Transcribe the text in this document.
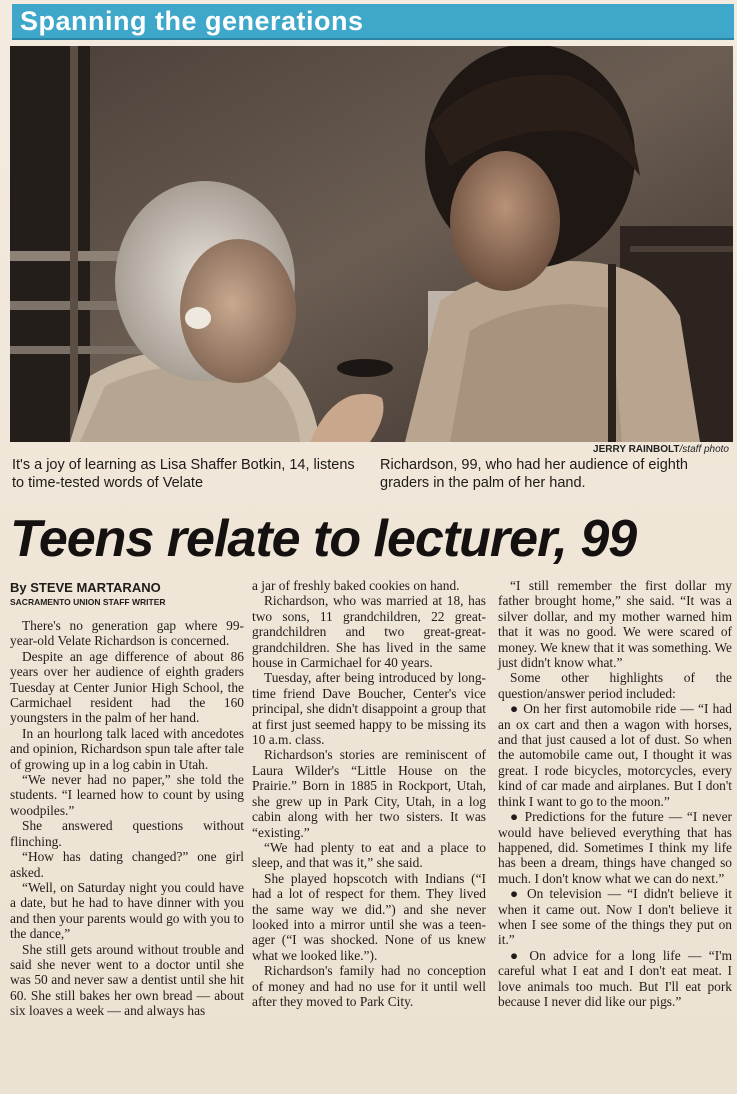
Spanning the generations
JERRY RAINBOLT/staff photo
It's a joy of learning as Lisa Shaffer Botkin, 14, listens to time-tested words of Velate
Richardson, 99, who had her audience of eighth graders in the palm of her hand.
Teens relate to lecturer, 99
By STEVE MARTARANO
SACRAMENTO UNION STAFF WRITER

There's no generation gap where 99-year-old Velate Richardson is concerned.

Despite an age difference of about 86 years over her audience of eighth graders Tuesday at Center Junior High School, the Carmichael resident had the 160 youngsters in the palm of her hand.

In an hourlong talk laced with ancedotes and opinion, Richardson spun tale after tale of growing up in a log cabin in Utah.

“We never had no paper,” she told the students. “I learned how to count by using woodpiles.”

She answered questions without flinching.

“How has dating changed?” one girl asked.

“Well, on Saturday night you could have a date, but he had to have dinner with you and then your parents would go with you to the dance,”

She still gets around without trouble and said she never went to a doctor until she was 50 and never saw a dentist until she hit 60. She still bakes her own bread — about six loaves a week — and always has

a jar of freshly baked cookies on hand.

Richardson, who was married at 18, has two sons, 11 grandchildren, 22 great-grandchildren and two great-great-grandchildren. She has lived in the same house in Carmichael for 40 years.

Tuesday, after being introduced by long-time friend Dave Boucher, Center's vice principal, she didn't disappoint a group that at first just seemed happy to be missing its 10 a.m. class.

Richardson's stories are reminiscent of Laura Wilder's “Little House on the Prairie.” Born in 1885 in Rockport, Utah, she grew up in Park City, Utah, in a log cabin along with her two sisters. It was “existing.”

“We had plenty to eat and a place to sleep, and that was it,” she said.

She played hopscotch with Indians (“I had a lot of respect for them. They lived the same way we did.”) and she never looked into a mirror until she was a teen-ager (“I was shocked. None of us knew what we looked like.”).

Richardson's family had no conception of money and had no use for it until well after they moved to Park City.

“I still remember the first dollar my father brought home,” she said. “It was a silver dollar, and my mother warned him that it was no good. We were scared of money. We knew that it was something. We just didn't know what.”

Some other highlights of the question/answer period included:

● On her first automobile ride — “I had an ox cart and then a wagon with horses, and that just caused a lot of dust. So when the automobile came out, I thought it was great. I rode bicycles, motorcycles, every kind of car made and airplanes. But I don't think I want to go to the moon.”

● Predictions for the future — “I never would have believed everything that has happened, did. Sometimes I think my life has been a dream, things have changed so much. I don't know what we can do next.”

● On television — “I didn't believe it when it came out. Now I don't believe it when I see some of the things they put on it.”

● On advice for a long life — “I'm careful what I eat and I don't eat meat. I love animals too much. But I'll eat pork because I never did like our pigs.”
